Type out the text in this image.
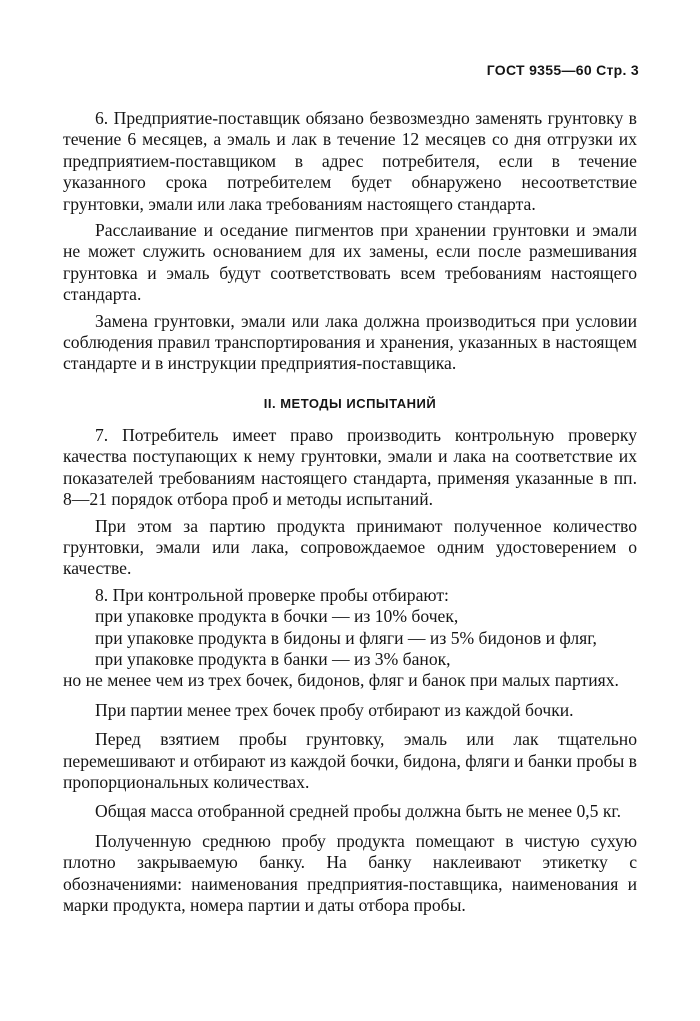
ГОСТ 9355—60 Стр. 3

6. Предприятие-поставщик обязано безвозмездно заменять грунтовку в течение 6 месяцев, а эмаль и лак в течение 12 месяцев со дня отгрузки их предприятием-поставщиком в адрес потребителя, если в течение указанного срока потребителем будет обнаружено несоответствие грунтовки, эмали или лака требованиям настоящего стандарта.

Расслаивание и оседание пигментов при хранении грунтовки и эмали не может служить основанием для их замены, если после размешивания грунтовка и эмаль будут соответствовать всем требованиям настоящего стандарта.

Замена грунтовки, эмали или лака должна производиться при условии соблюдения правил транспортирования и хранения, указанных в настоящем стандарте и в инструкции предприятия-поставщика.

II. МЕТОДЫ ИСПЫТАНИЙ

7. Потребитель имеет право производить контрольную проверку качества поступающих к нему грунтовки, эмали и лака на соответствие их показателей требованиям настоящего стандарта, применяя указанные в пп. 8—21 порядок отбора проб и методы испытаний.

При этом за партию продукта принимают полученное количество грунтовки, эмали или лака, сопровождаемое одним удостоверением о качестве.

8. При контрольной проверке пробы отбирают:

при упаковке продукта в бочки — из 10% бочек,

при упаковке продукта в бидоны и фляги — из 5% бидонов и фляг,

при упаковке продукта в банки — из 3% банок,

но не менее чем из трех бочек, бидонов, фляг и банок при малых партиях.

При партии менее трех бочек пробу отбирают из каждой бочки.

Перед взятием пробы грунтовку, эмаль или лак тщательно перемешивают и отбирают из каждой бочки, бидона, фляги и банки пробы в пропорциональных количествах.

Общая масса отобранной средней пробы должна быть не менее 0,5 кг.

Полученную среднюю пробу продукта помещают в чистую сухую плотно закрываемую банку. На банку наклеивают этикетку с обозначениями: наименования предприятия-поставщика, наименования и марки продукта, номера партии и даты отбора пробы.
